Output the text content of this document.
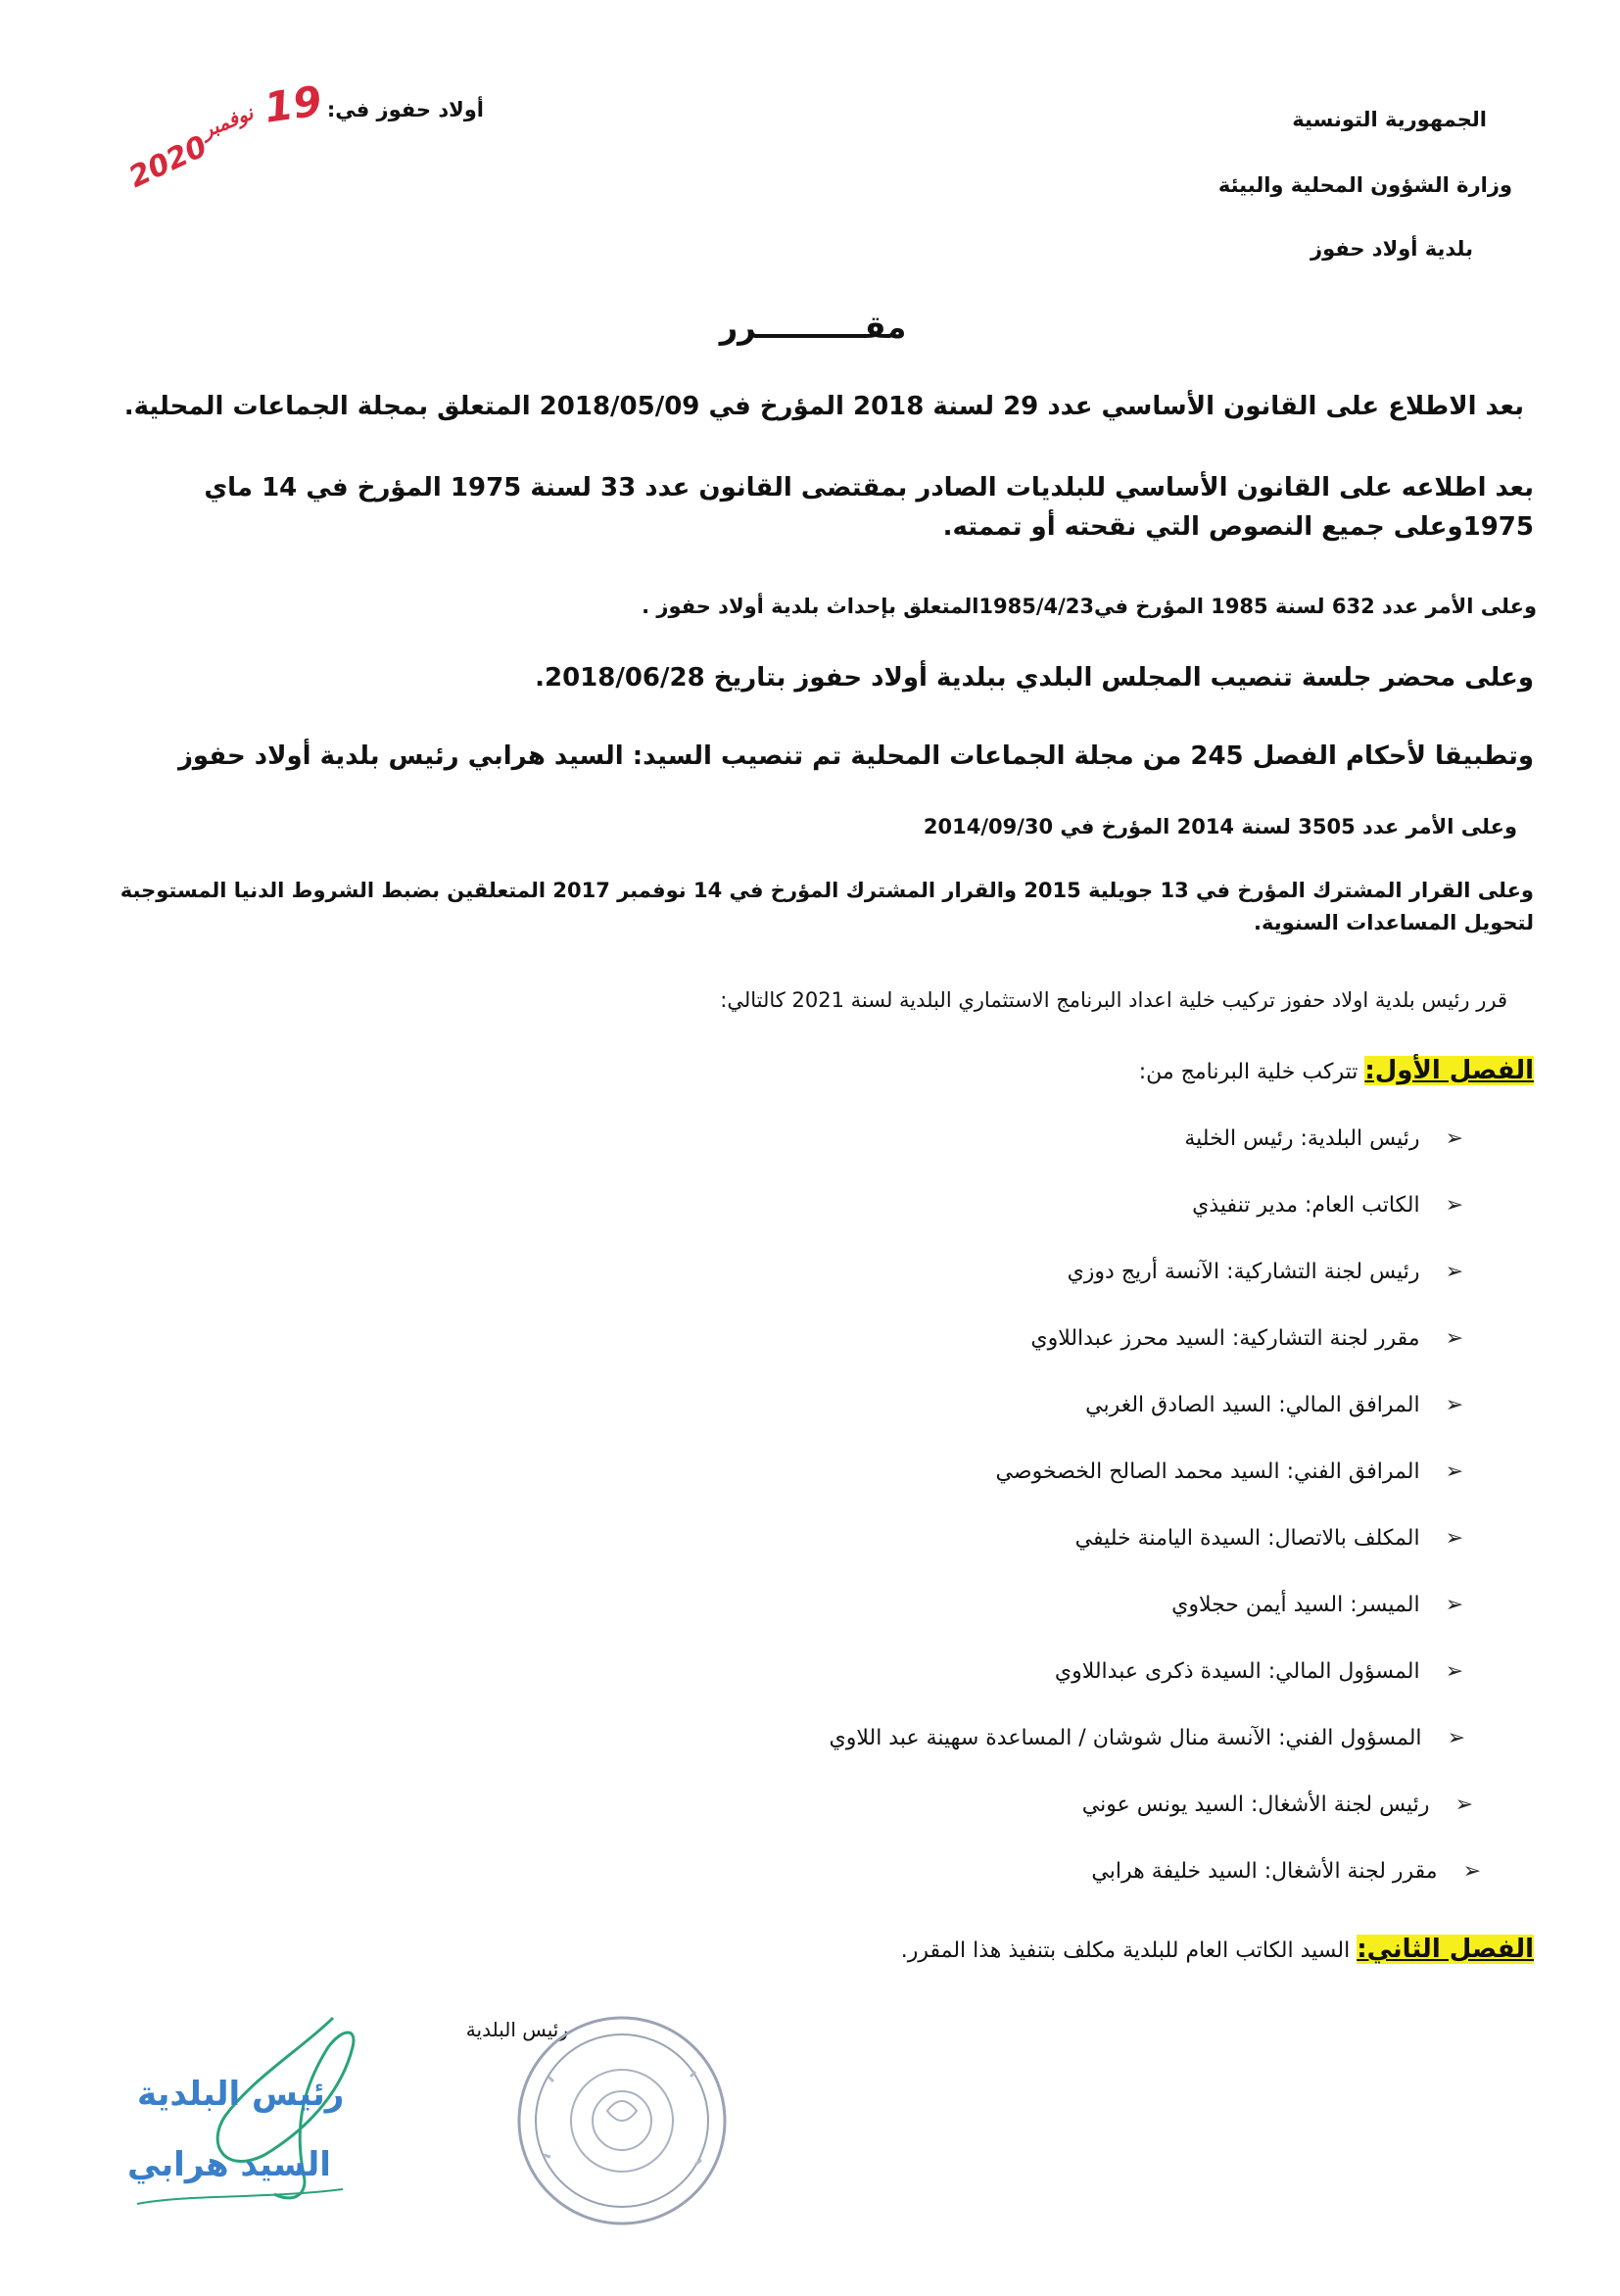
أولاد حفوز في:
19
نوفمبر
2020
الجمهورية التونسية
وزارة الشؤون المحلية والبيئة
بلدية أولاد حفوز
مقــــــــــرر
بعد الاطلاع على القانون الأساسي عدد 29 لسنة 2018 المؤرخ في 2018/05/09 المتعلق بمجلة الجماعات المحلية.
بعد اطلاعه على القانون الأساسي للبلديات الصادر بمقتضى القانون عدد 33 لسنة 1975 المؤرخ في 14 ماي 1975وعلى جميع النصوص التي نقحته أو تممته.
وعلى الأمر عدد 632 لسنة 1985 المؤرخ في1985/4/23المتعلق بإحداث بلدية أولاد حفوز .
وعلى محضر جلسة تنصيب المجلس البلدي ببلدية أولاد حفوز بتاريخ 2018/06/28.
وتطبيقا لأحكام الفصل 245 من مجلة الجماعات المحلية تم تنصيب السيد: السيد هرابي رئيس بلدية أولاد حفوز
وعلى الأمر عدد 3505 لسنة 2014 المؤرخ في 2014/09/30
وعلى القرار المشترك المؤرخ في 13 جويلية 2015 والقرار المشترك المؤرخ في 14 نوفمبر 2017 المتعلقين بضبط الشروط الدنيا المستوجبة لتحويل المساعدات السنوية.
قرر رئيس بلدية اولاد حفوز تركيب خلية اعداد البرنامج الاستثماري البلدية لسنة 2021 كالتالي:
الفصل الأول: تتركب خلية البرنامج من:
➢
رئيس البلدية: رئيس الخلية
➢
الكاتب العام: مدير تنفيذي
➢
رئيس لجنة التشاركية: الآنسة أريج دوزي
➢
مقرر لجنة التشاركية: السيد محرز عبداللاوي
➢
المرافق المالي: السيد الصادق الغربي
➢
المرافق الفني: السيد محمد الصالح الخصخوصي
➢
المكلف بالاتصال: السيدة اليامنة خليفي
➢
الميسر: السيد أيمن حجلاوي
➢
المسؤول المالي: السيدة ذكرى عبداللاوي
➢
المسؤول الفني: الآنسة منال شوشان / المساعدة سهينة عبد اللاوي
➢
رئيس لجنة الأشغال: السيد يونس عوني
➢
مقرر لجنة الأشغال: السيد خليفة هرابي
الفصل الثاني: السيد الكاتب العام للبلدية مكلف بتنفيذ هذا المقرر.
رئيس البلدية
رئيس البلدية
السيد هرابي
